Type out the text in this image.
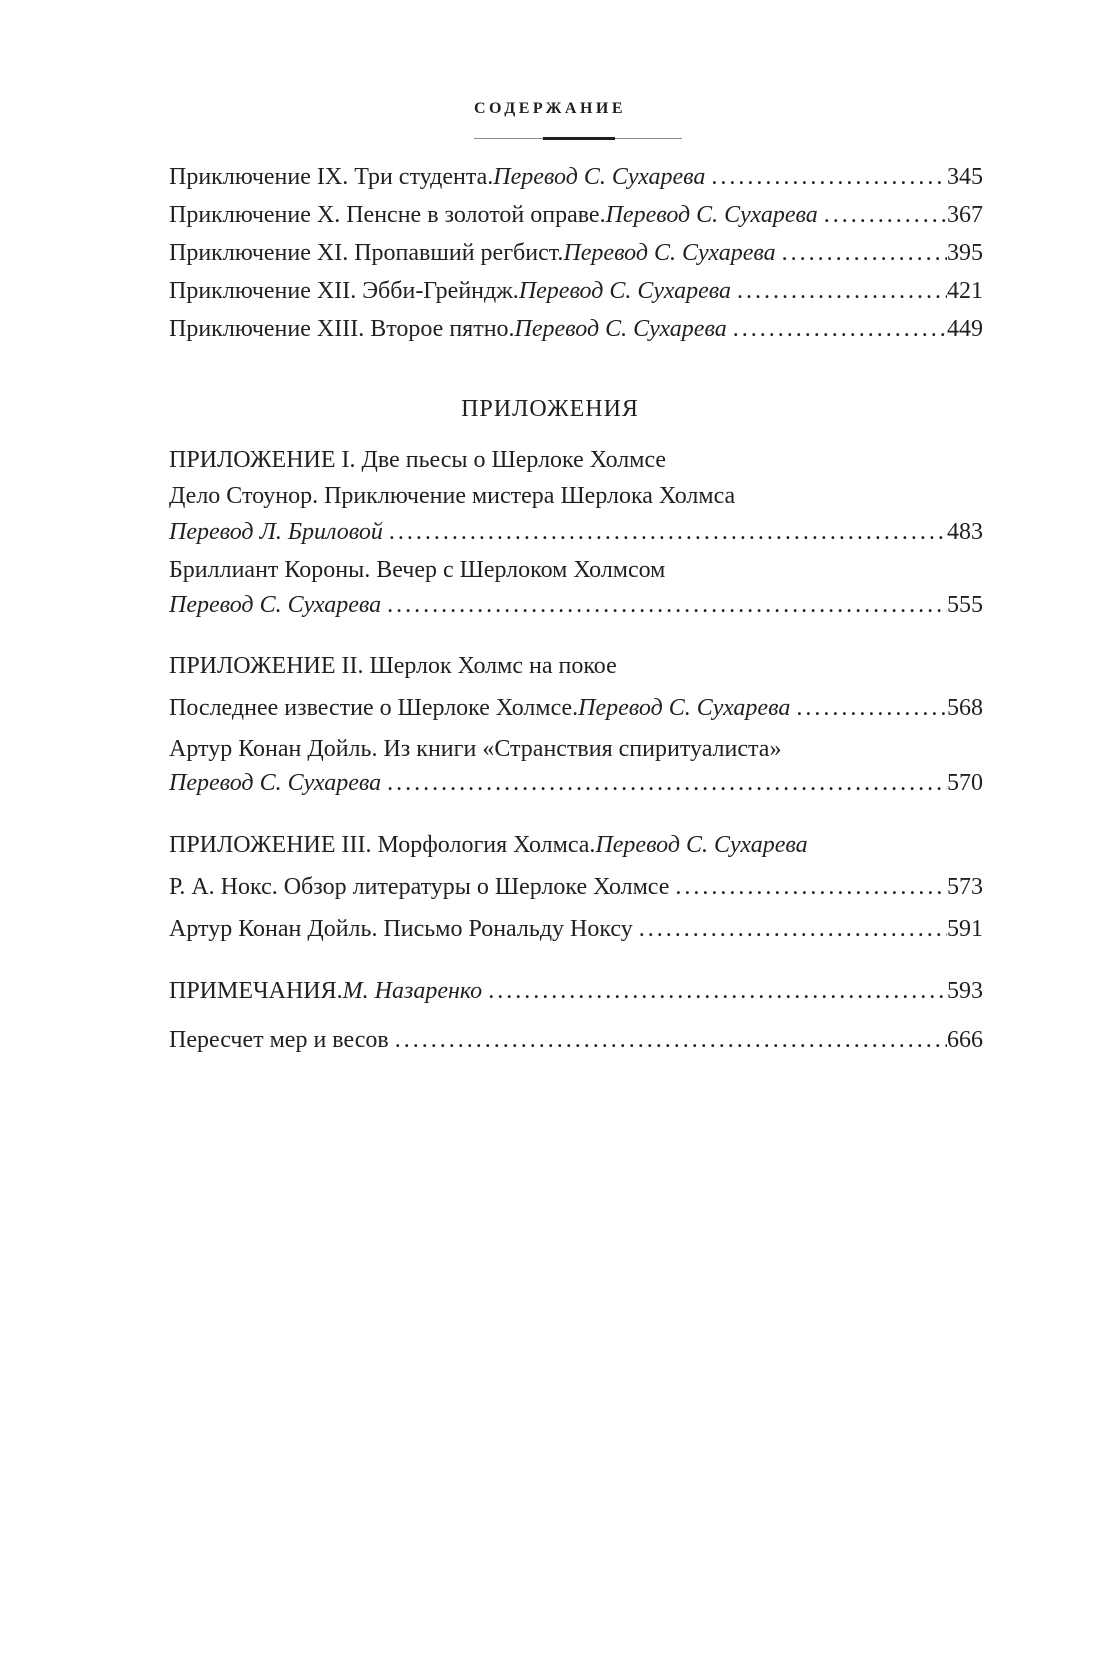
СОДЕРЖАНИЕ
Приключение IX. Три студента. Перевод С. Сухарева . . .	345
Приключение X. Пенсне в золотой оправе. Перевод С. Сухарева . . .	367
Приключение XI. Пропавший регбист. Перевод С. Сухарева . . .	395
Приключение XII. Эбби-Грейндж. Перевод С. Сухарева . . .	421
Приключение XIII. Второе пятно. Перевод С. Сухарева . . .	449
ПРИЛОЖЕНИЯ
ПРИЛОЖЕНИЕ I. Две пьесы о Шерлоке Холмсе
Дело Стоунор. Приключение мистера Шерлока Холмса
Перевод Л. Бриловой . . .	483
Бриллиант Короны. Вечер с Шерлоком Холмсом
Перевод С. Сухарева . . .	555
ПРИЛОЖЕНИЕ II. Шерлок Холмс на покое
Последнее известие о Шерлоке Холмсе. Перевод С. Сухарева . . .	568
Артур Конан Дойль. Из книги «Странствия спиритуалиста»
Перевод С. Сухарева . . .	570
ПРИЛОЖЕНИЕ III. Морфология Холмса. Перевод С. Сухарева
Р. А. Нокс. Обзор литературы о Шерлоке Холмсе . . .	573
Артур Конан Дойль. Письмо Рональду Ноксу . . .	591
ПРИМЕЧАНИЯ. М. Назаренко . . .	593
Пересчет мер и весов . . .	666
